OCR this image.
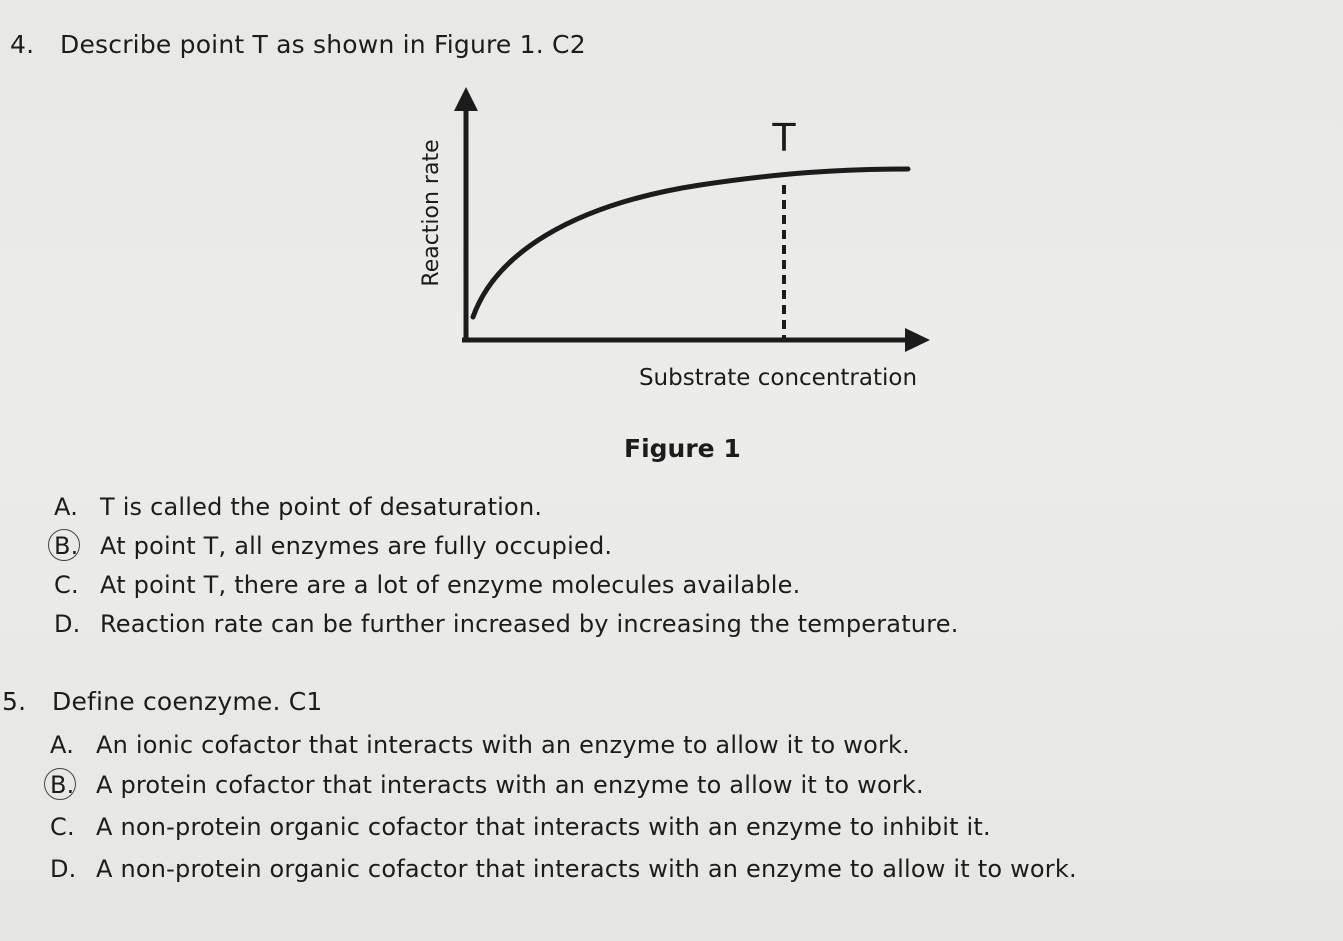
4. Describe point T as shown in Figure 1. C2
T
Reaction rate
Substrate concentration
Figure 1
A. T is called the point of desaturation.
B. At point T, all enzymes are fully occupied.
C. At point T, there are a lot of enzyme molecules available.
D. Reaction rate can be further increased by increasing the temperature.
5. Define coenzyme. C1
A. An ionic cofactor that interacts with an enzyme to allow it to work.
B. A protein cofactor that interacts with an enzyme to allow it to work.
C. A non-protein organic cofactor that interacts with an enzyme to inhibit it.
D. A non-protein organic cofactor that interacts with an enzyme to allow it to work.
